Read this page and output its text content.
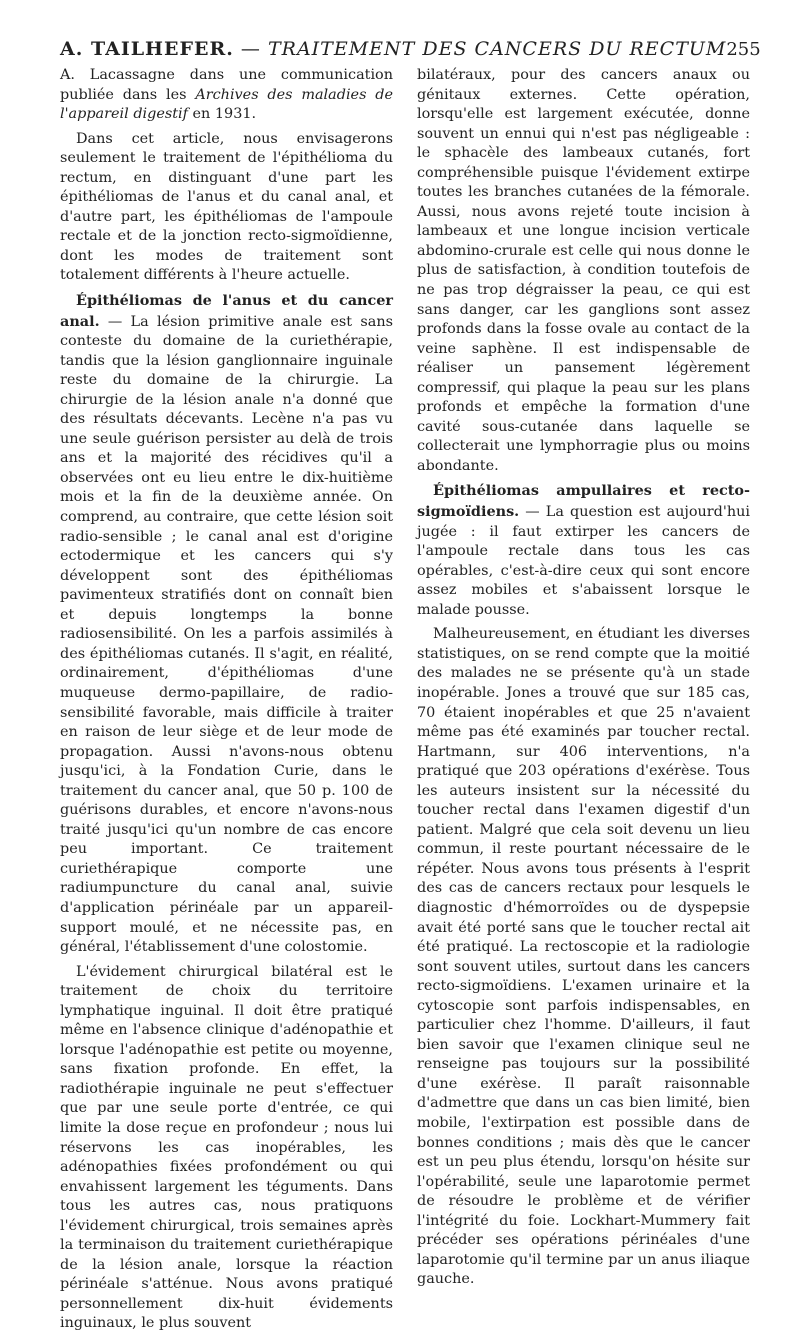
A. TAILHEFER. — TRAITEMENT DES CANCERS DU RECTUM 255

A. Lacassagne dans une communication publiée dans les Archives des maladies de l'appareil digestif en 1931.

Dans cet article, nous envisagerons seulement le traitement de l'épithélioma du rectum, en distinguant d'une part les épithéliomas de l'anus et du canal anal, et d'autre part, les épithéliomas de l'ampoule rectale et de la jonction recto-sigmoïdienne, dont les modes de traitement sont totalement différents à l'heure actuelle.

Épithéliomas de l'anus et du cancer anal. — La lésion primitive anale est sans conteste du domaine de la curiethérapie, tandis que la lésion ganglionnaire inguinale reste du domaine de la chirurgie. La chirurgie de la lésion anale n'a donné que des résultats décevants. Lecène n'a pas vu une seule guérison persister au delà de trois ans et la majorité des récidives qu'il a observées ont eu lieu entre le dix-huitième mois et la fin de la deuxième année. On comprend, au contraire, que cette lésion soit radio-sensible ; le canal anal est d'origine ectodermique et les cancers qui s'y développent sont des épithéliomas pavimenteux stratifiés dont on connaît bien et depuis longtemps la bonne radiosensibilité. On les a parfois assimilés à des épithéliomas cutanés. Il s'agit, en réalité, ordinairement, d'épithéliomas d'une muqueuse dermo-papillaire, de radio-sensibilité favorable, mais difficile à traiter en raison de leur siège et de leur mode de propagation. Aussi n'avons-nous obtenu jusqu'ici, à la Fondation Curie, dans le traitement du cancer anal, que 50 p. 100 de guérisons durables, et encore n'avons-nous traité jusqu'ici qu'un nombre de cas encore peu important. Ce traitement curiethérapique comporte une radiumpuncture du canal anal, suivie d'application périnéale par un appareil-support moulé, et ne nécessite pas, en général, l'établissement d'une colostomie.

L'évidement chirurgical bilatéral est le traitement de choix du territoire lymphatique inguinal. Il doit être pratiqué même en l'absence clinique d'adénopathie et lorsque l'adénopathie est petite ou moyenne, sans fixation profonde. En effet, la radiothérapie inguinale ne peut s'effectuer que par une seule porte d'entrée, ce qui limite la dose reçue en profondeur ; nous lui réservons les cas inopérables, les adénopathies fixées profondément ou qui envahissent largement les téguments. Dans tous les autres cas, nous pratiquons l'évidement chirurgical, trois semaines après la terminaison du traitement curiethérapique de la lésion anale, lorsque la réaction périnéale s'atténue. Nous avons pratiqué personnellement dix-huit évidements inguinaux, le plus souvent

bilatéraux, pour des cancers anaux ou génitaux externes. Cette opération, lorsqu'elle est largement exécutée, donne souvent un ennui qui n'est pas négligeable : le sphacèle des lambeaux cutanés, fort compréhensible puisque l'évidement extirpe toutes les branches cutanées de la fémorale. Aussi, nous avons rejeté toute incision à lambeaux et une longue incision verticale abdomino-crurale est celle qui nous donne le plus de satisfaction, à condition toutefois de ne pas trop dégraisser la peau, ce qui est sans danger, car les ganglions sont assez profonds dans la fosse ovale au contact de la veine saphène. Il est indispensable de réaliser un pansement légèrement compressif, qui plaque la peau sur les plans profonds et empêche la formation d'une cavité sous-cutanée dans laquelle se collecterait une lymphorragie plus ou moins abondante.

Épithéliomas ampullaires et recto-sigmoïdiens. — La question est aujourd'hui jugée : il faut extirper les cancers de l'ampoule rectale dans tous les cas opérables, c'est-à-dire ceux qui sont encore assez mobiles et s'abaissent lorsque le malade pousse.

Malheureusement, en étudiant les diverses statistiques, on se rend compte que la moitié des malades ne se présente qu'à un stade inopérable. Jones a trouvé que sur 185 cas, 70 étaient inopérables et que 25 n'avaient même pas été examinés par toucher rectal. Hartmann, sur 406 interventions, n'a pratiqué que 203 opérations d'exérèse. Tous les auteurs insistent sur la nécessité du toucher rectal dans l'examen digestif d'un patient. Malgré que cela soit devenu un lieu commun, il reste pourtant nécessaire de le répéter. Nous avons tous présents à l'esprit des cas de cancers rectaux pour lesquels le diagnostic d'hémorroïdes ou de dyspepsie avait été porté sans que le toucher rectal ait été pratiqué. La rectoscopie et la radiologie sont souvent utiles, surtout dans les cancers recto-sigmoïdiens. L'examen urinaire et la cytoscopie sont parfois indispensables, en particulier chez l'homme. D'ailleurs, il faut bien savoir que l'examen clinique seul ne renseigne pas toujours sur la possibilité d'une exérèse. Il paraît raisonnable d'admettre que dans un cas bien limité, bien mobile, l'extirpation est possible dans de bonnes conditions ; mais dès que le cancer est un peu plus étendu, lorsqu'on hésite sur l'opérabilité, seule une laparotomie permet de résoudre le problème et de vérifier l'intégrité du foie. Lockhart-Mummery fait précéder ses opérations périnéales d'une laparotomie qu'il termine par un anus iliaque gauche.
